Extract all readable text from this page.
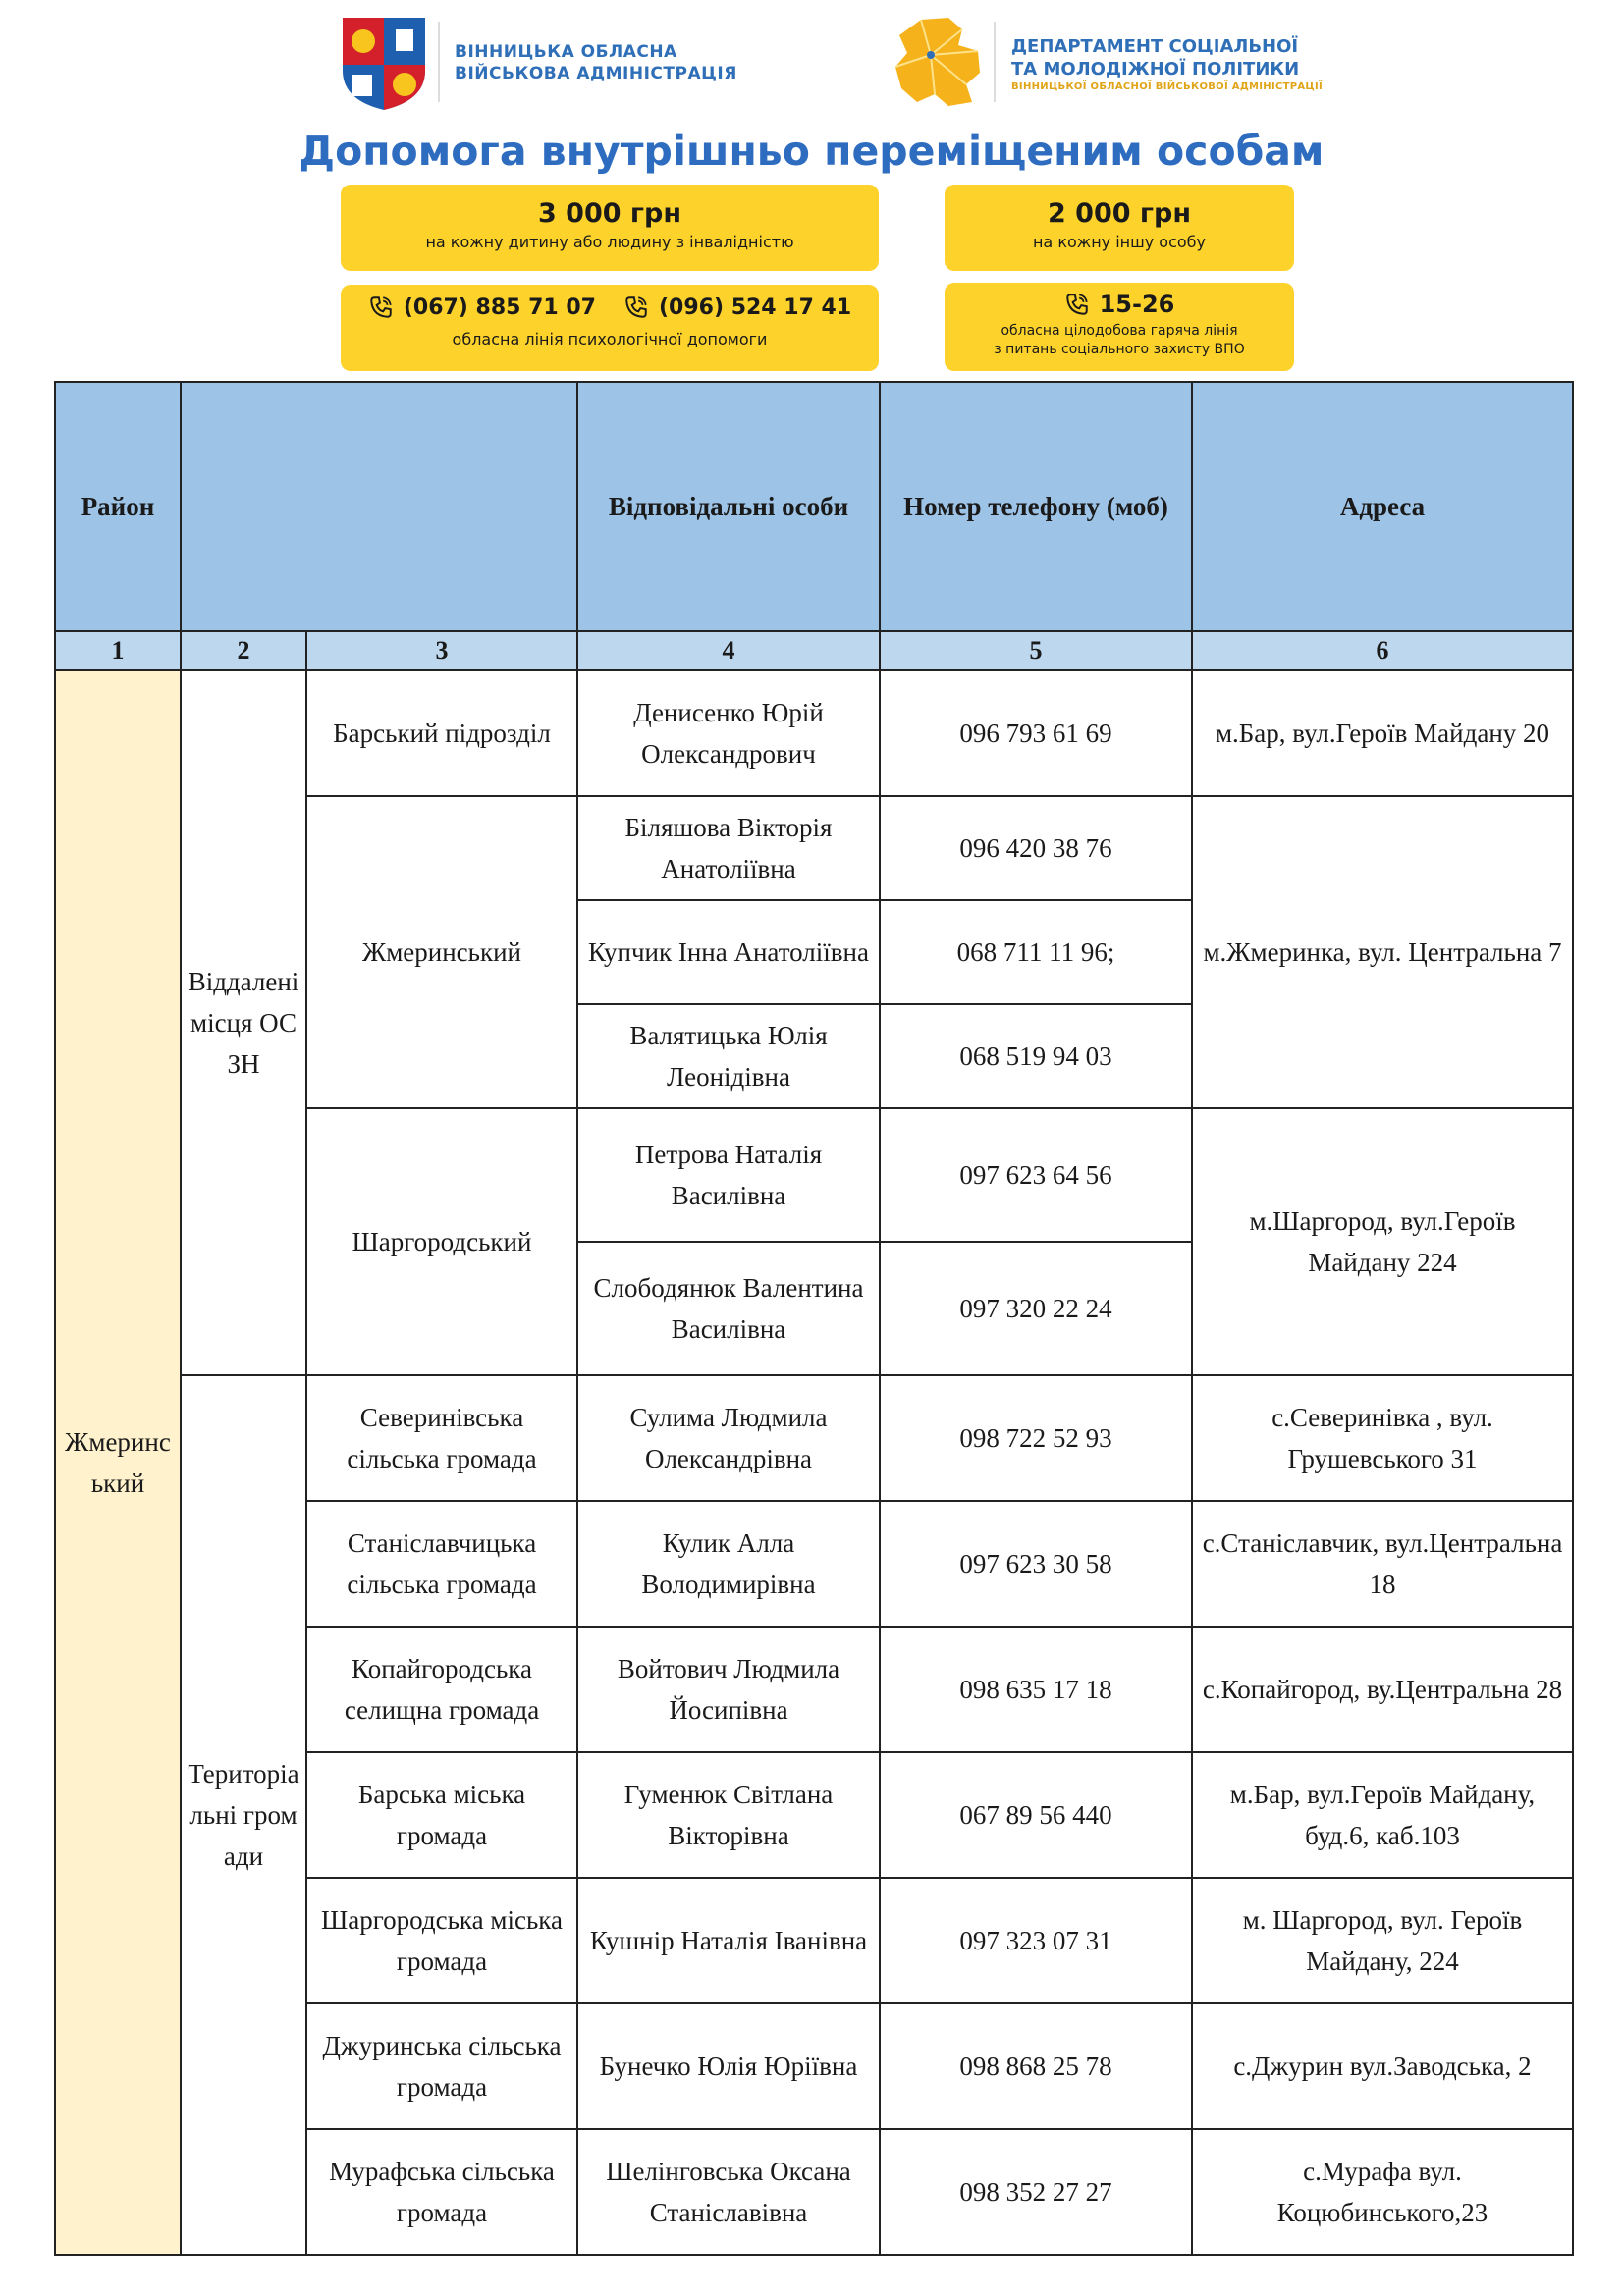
ВІННИЦЬКА ОБЛАСНА
ВІЙСЬКОВА АДМІНІСТРАЦІЯ
ДЕПАРТАМЕНТ СОЦІАЛЬНОЇ
ТА МОЛОДІЖНОЇ ПОЛІТИКИ
ВІННИЦЬКОЇ ОБЛАСНОЇ ВІЙСЬКОВОЇ АДМІНІСТРАЦІЇ
Допомога внутрішньо переміщеним особам
3 000 грн
на кожну дитину або людину з інвалідністю
2 000 грн
на кожну іншу особу
(067) 885 71 07	(096) 524 17 41
обласна лінія психологічної допомоги
15-26
обласна цілодобова гаряча лінія
з питань соціального захисту ВПО
Район			Відповідальні особи	Номер телефону (моб)	Адреса
1	2	3	4	5	6
Жмеринський	Віддалені місця ОСЗН	Барський підрозділ	Денисенко Юрій Олександрович	096 793 61 69	м.Бар, вул.Героїв Майдану 20
		Жмеринський	Біляшова Вікторія Анатоліївна	096 420 38 76	м.Жмеринка, вул. Центральна 7
			Купчик Інна Анатоліївна	068 711 11 96;	
			Валятицька Юлія Леонідівна	068 519 94 03	
		Шаргородський	Петрова Наталія Василівна	097 623 64 56	м.Шаргород, вул.Героїв Майдану 224
			Слободянюк Валентина Василівна	097 320 22 24	
	Територіальні громади	Северинівська сільська громада	Сулима Людмила Олександрівна	098 722 52 93	с.Северинівка , вул. Грушевського 31
		Станіславчицька сільська громада	Кулик Алла Володимирівна	097 623 30 58	с.Станіславчик, вул.Центральна 18
		Копайгородська селищна громада	Войтович Людмила Йосипівна	098 635 17 18	с.Копайгород, ву.Центральна 28
		Барська міська громада	Гуменюк Світлана Вікторівна	067 89 56 440	м.Бар, вул.Героїв Майдану, буд.6, каб.103
		Шаргородська міська громада	Кушнір Наталія Іванівна	097 323 07 31	м. Шаргород, вул. Героїв Майдану, 224
		Джуринська сільська громада	Бунечко Юлія Юріївна	098 868 25 78	с.Джурин вул.Заводська, 2
		Мурафська сільська громада	Шелінговська Оксана Станіславівна	098 352 27 27	с.Мурафа вул. Коцюбинського,23
